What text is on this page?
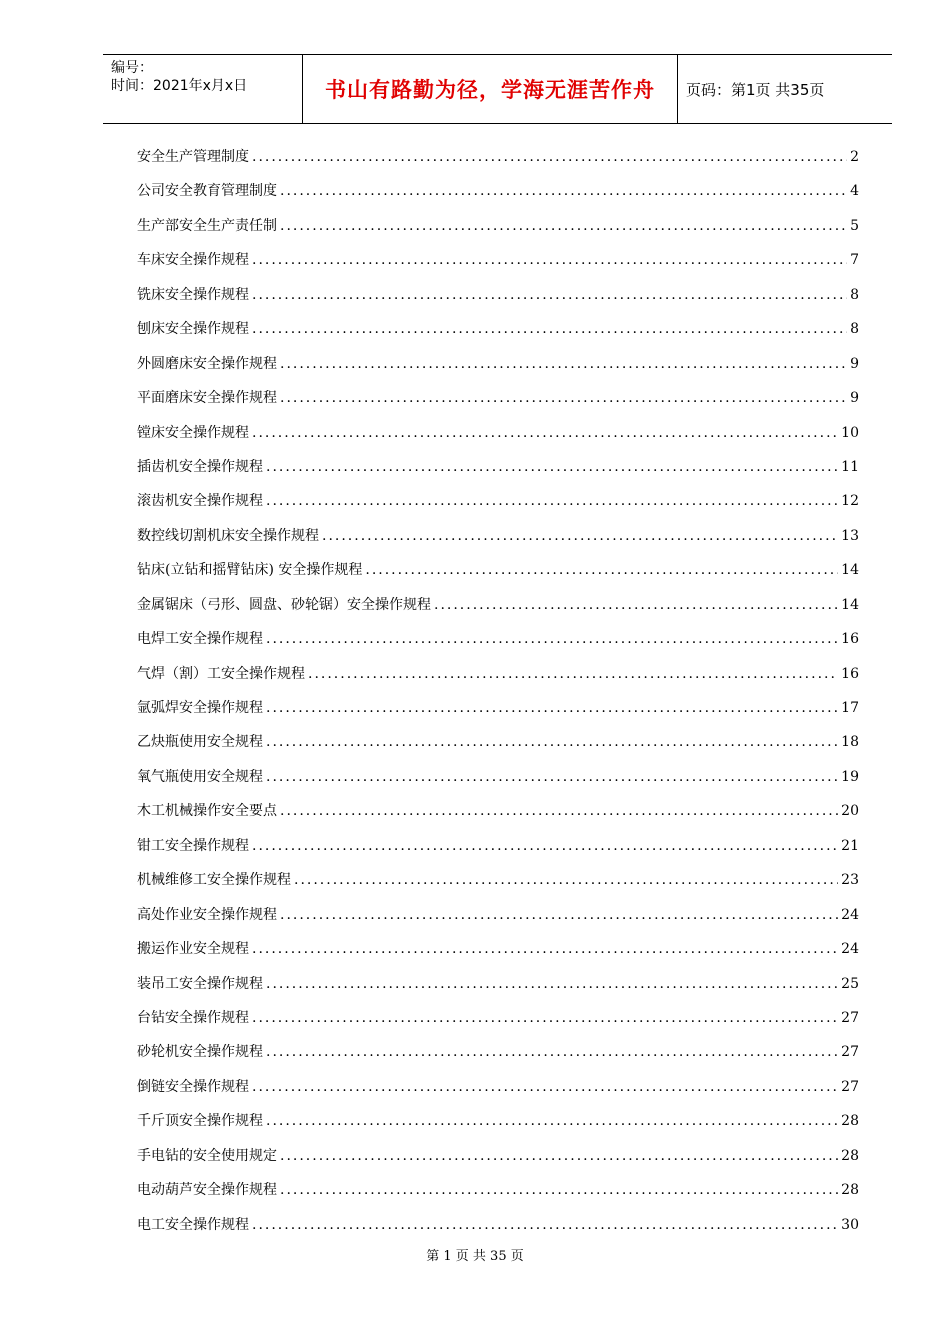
编号：
时间：2021年x月x日	书山有路勤为径，学海无涯苦作舟	页码：第1页 共35页
安全生产管理制度 .....	2
公司安全教育管理制度 .....	4
生产部安全生产责任制 .....	5
车床安全操作规程 .....	7
铣床安全操作规程 .....	8
刨床安全操作规程 .....	8
外圆磨床安全操作规程 .....	9
平面磨床安全操作规程 .....	9
镗床安全操作规程 .....	10
插齿机安全操作规程 .....	11
滚齿机安全操作规程 .....	12
数控线切割机床安全操作规程 .....	13
钻床(立钻和摇臂钻床) 安全操作规程 .....	14
金属锯床（弓形、圆盘、砂轮锯）安全操作规程 .....	14
电焊工安全操作规程 .....	16
气焊（割）工安全操作规程 .....	16
氩弧焊安全操作规程 .....	17
乙炔瓶使用安全规程 .....	18
氧气瓶使用安全规程 .....	19
木工机械操作安全要点 .....	20
钳工安全操作规程 .....	21
机械维修工安全操作规程 .....	23
高处作业安全操作规程 .....	24
搬运作业安全规程 .....	24
装吊工安全操作规程 .....	25
台钻安全操作规程 .....	27
砂轮机安全操作规程 .....	27
倒链安全操作规程 .....	27
千斤顶安全操作规程 .....	28
手电钻的安全使用规定 .....	28
电动葫芦安全操作规程 .....	28
电工安全操作规程 .....	30
第 1 页 共 35 页
